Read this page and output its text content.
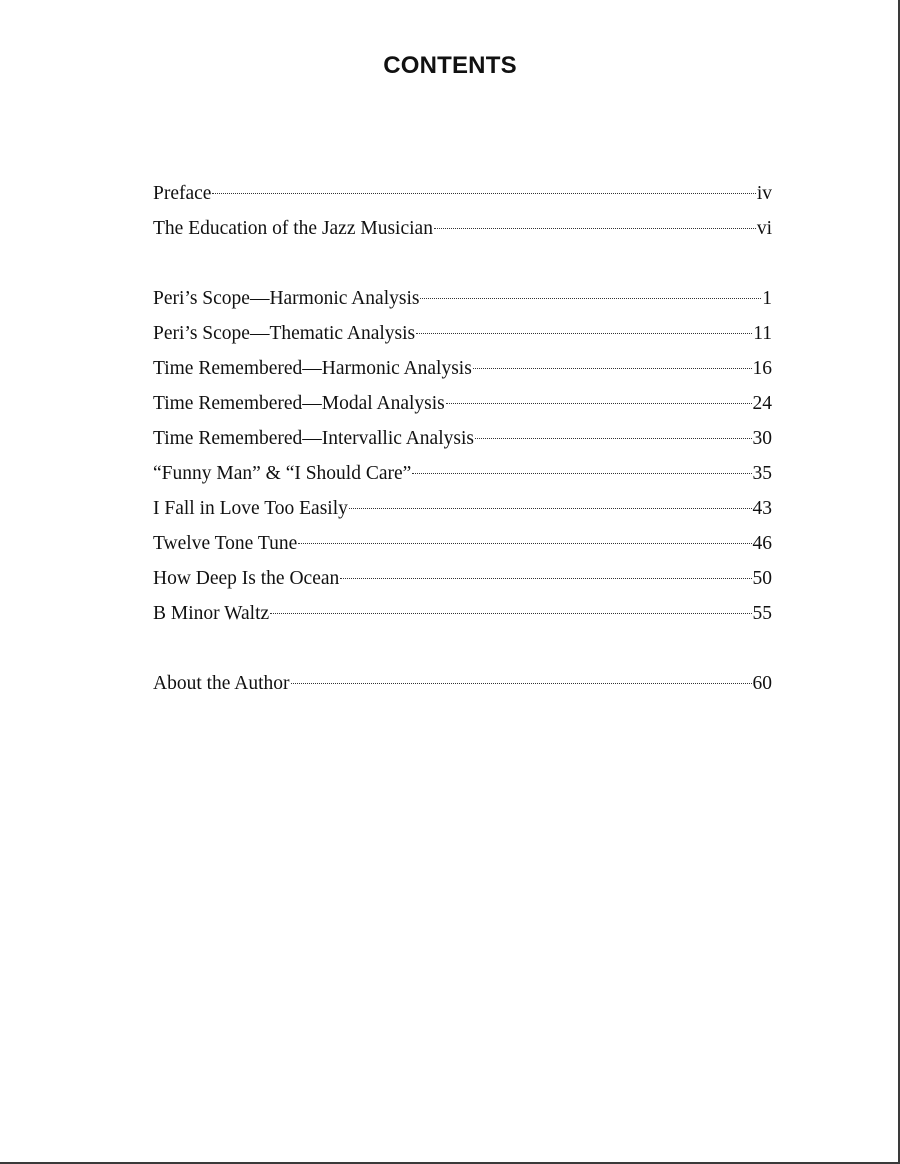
CONTENTS
Preface	iv
The Education of the Jazz Musician	vi
Peri’s Scope—Harmonic Analysis	1
Peri’s Scope—Thematic Analysis	11
Time Remembered—Harmonic Analysis	16
Time Remembered—Modal Analysis	24
Time Remembered—Intervallic Analysis	30
“Funny Man” & “I Should Care”	35
I Fall in Love Too Easily	43
Twelve Tone Tune	46
How Deep Is the Ocean	50
B Minor Waltz	55
About the Author	60
